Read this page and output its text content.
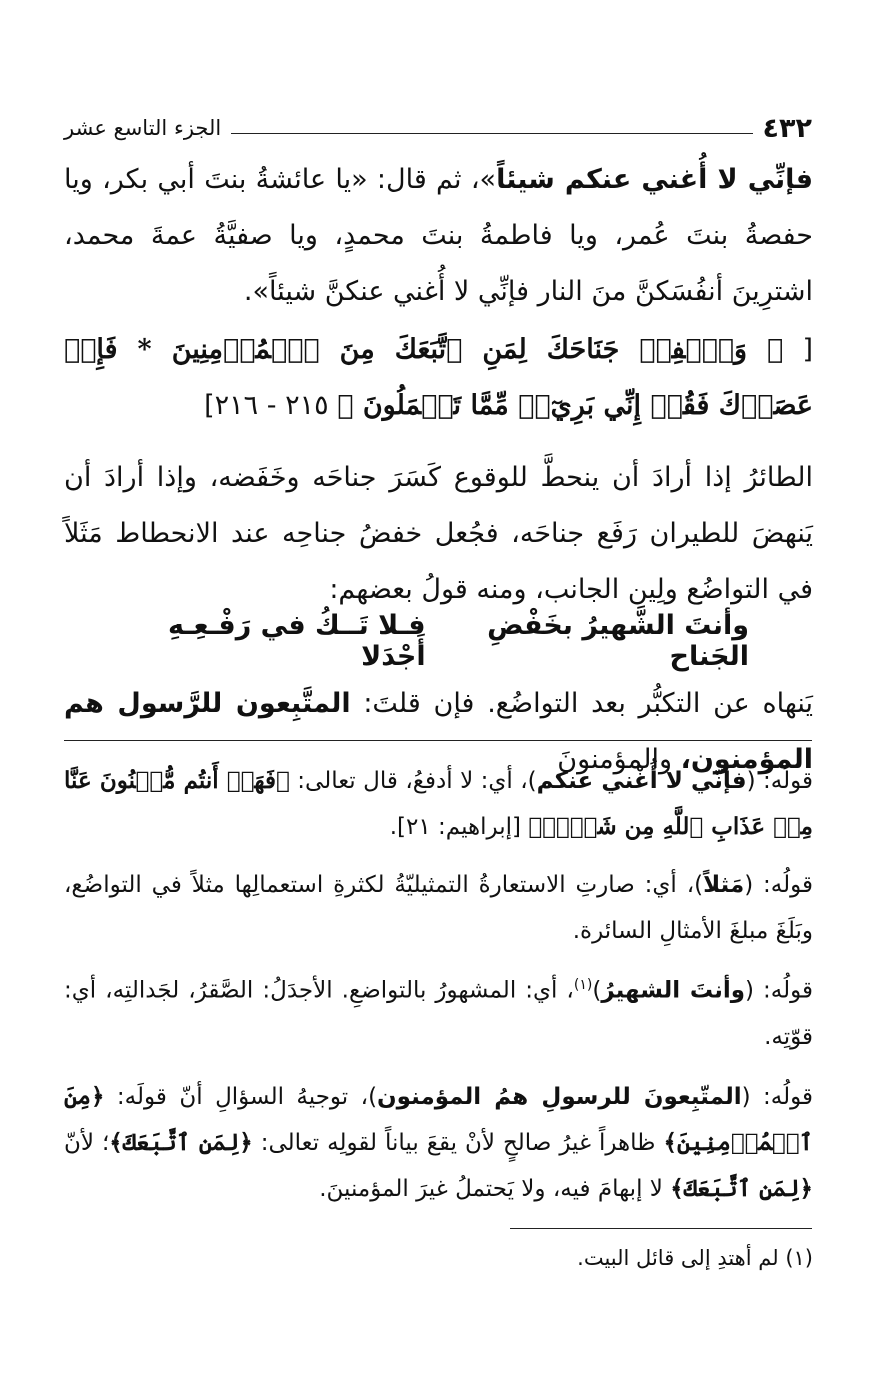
٤٣٢
الجزء التاسع عشر
فإنِّي لا أُغني عنكم شيئاً»، ثم قال: «يا عائشةُ بنتَ أبي بكر، ويا حفصةُ بنتَ عُمر، ويا فاطمةُ بنتَ محمدٍ، ويا صفيَّةُ عمةَ محمد، اشترِينَ أنفُسَكنَّ منَ النار فإنِّي لا أُغني عنكنَّ شيئاً».
[ ﴿ وَٱخۡفِضۡ جَنَاحَكَ لِمَنِ ٱتَّبَعَكَ مِنَ ٱلۡمُؤۡمِنِينَ * فَإِنۡ عَصَوۡكَ فَقُلۡ إِنِّي بَرِيٓءٞ مِّمَّا تَعۡمَلُونَ ﴾ ٢١٥ - ٢١٦]
الطائرُ إذا أرادَ أن ينحطَّ للوقوع كَسَرَ جناحَه وخَفَضه، وإذا أرادَ أن يَنهضَ للطيران رَفَع جناحَه، فجُعل خفضُ جناحِه عند الانحطاط مَثَلاً في التواضُع ولِين الجانب، ومنه قولُ بعضهم:
وأنتَ الشَّهيرُ بخَفْضِ الجَناح
فـلا تَــكُ في رَفْـعِـهِ أَجْدَلا
يَنهاه عن التكبُّر بعد التواضُع. فإن قلتَ: المتَّبِعون للرَّسول هم المؤمنون، والمؤمنونَ
قولُه: (فإنّي لا أُغْني عنكم)، أي: لا أدفعُ، قال تعالى: ﴿فَهَلۡ أَنتُم مُّغۡنُونَ عَنَّا مِنۡ عَذَابِ ٱللَّهِ مِن شَيۡءٖ﴾ [إبراهيم: ٢١].
قولُه: (مَثلاً)، أي: صارتِ الاستعارةُ التمثيليّةُ لكثرةِ استعمالِها مثلاً في التواضُع، وبَلَغَ مبلغَ الأمثالِ السائرة.
قولُه: (وأنتَ الشهيرُ)$^{(١)}$، أي: المشهورُ بالتواضعِ. الأجدَلُ: الصَّقرُ، لجَدالتِه، أي: قوّتِه.
قولُه: (المتّبِعونَ للرسولِ همُ المؤمنون)، توجيهُ السؤالِ أنّ قولَه: ﴿مِنَ ٱلۡمُؤۡمِنِينَ﴾ ظاهراً غيرُ صالحٍ لأنْ يقعَ بياناً لقولِه تعالى: ﴿لِمَنِ ٱتَّبَعَكَ﴾؛ لأنّ ﴿لِمَنِ ٱتَّبَعَكَ﴾ لا إبهامَ فيه، ولا يَحتملُ غيرَ المؤمنينَ.
(١) لم أهتدِ إلى قائل البيت.
